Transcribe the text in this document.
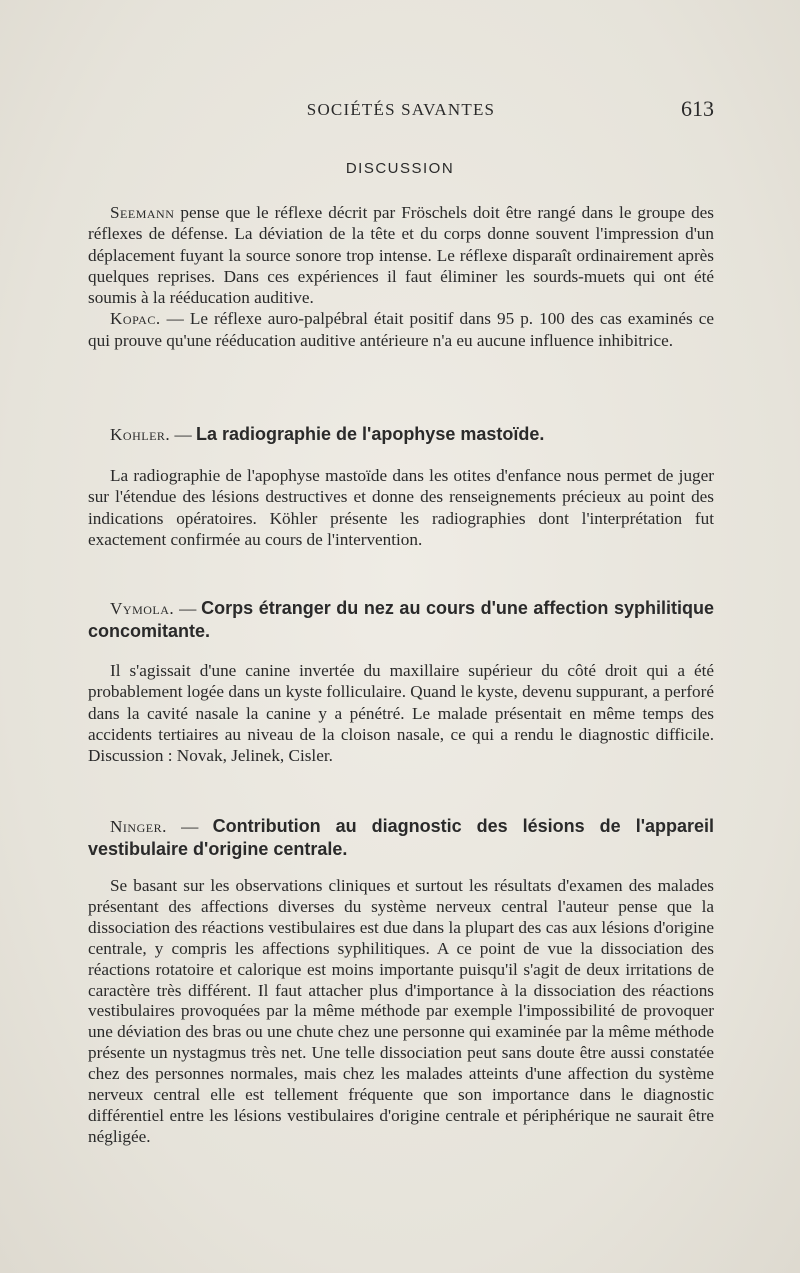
SOCIÉTÉS SAVANTES	613
DISCUSSION

Seemann pense que le réflexe décrit par Fröschels doit être rangé dans le groupe des réflexes de défense. La déviation de la tête et du corps donne souvent l'impression d'un déplacement fuyant la source sonore trop intense. Le réflexe disparaît ordinairement après quelques reprises. Dans ces expériences il faut éliminer les sourds-muets qui ont été soumis à la rééducation auditive.

Kopac. — Le réflexe auro-palpébral était positif dans 95 p. 100 des cas examinés ce qui prouve qu'une rééducation auditive antérieure n'a eu aucune influence inhibitrice.

Kohler. — La radiographie de l'apophyse mastoïde.

La radiographie de l'apophyse mastoïde dans les otites d'enfance nous permet de juger sur l'étendue des lésions destructives et donne des renseignements précieux au point des indications opératoires. Köhler présente les radiographies dont l'interprétation fut exactement confirmée au cours de l'intervention.

Vymola. — Corps étranger du nez au cours d'une affection syphilitique concomitante.

Il s'agissait d'une canine invertée du maxillaire supérieur du côté droit qui a été probablement logée dans un kyste folliculaire. Quand le kyste, devenu suppurant, a perforé dans la cavité nasale la canine y a pénétré. Le malade présentait en même temps des accidents tertiaires au niveau de la cloison nasale, ce qui a rendu le diagnostic difficile. Discussion : Novak, Jelinek, Cisler.

Ninger. — Contribution au diagnostic des lésions de l'appareil vestibulaire d'origine centrale.

Se basant sur les observations cliniques et surtout les résultats d'examen des malades présentant des affections diverses du système nerveux central l'auteur pense que la dissociation des réactions vestibulaires est due dans la plupart des cas aux lésions d'origine centrale, y compris les affections syphilitiques. A ce point de vue la dissociation des réactions rotatoire et calorique est moins importante puisqu'il s'agit de deux irritations de caractère très différent. Il faut attacher plus d'importance à la dissociation des réactions vestibulaires provoquées par la même méthode par exemple l'impossibilité de provoquer une déviation des bras ou une chute chez une personne qui examinée par la même méthode présente un nystagmus très net. Une telle dissociation peut sans doute être aussi constatée chez des personnes normales, mais chez les malades atteints d'une affection du système nerveux central elle est tellement fréquente que son importance dans le diagnostic différentiel entre les lésions vestibulaires d'origine centrale et périphérique ne saurait être négligée.
